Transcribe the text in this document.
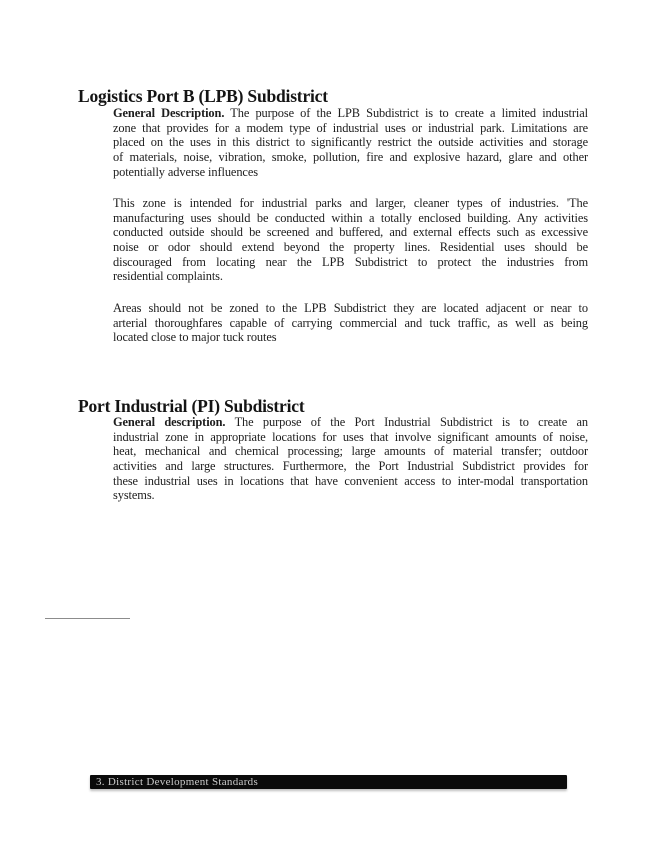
Logistics Port B (LPB) Subdistrict
General Description. The purpose of the LPB Subdistrict is to create a limited industrial
zone that provides for a modem type of industrial uses or industrial park. Limitations are
placed on the uses in this district to significantly restrict the outside activities and storage
of materials, noise, vibration, smoke, pollution, fire and explosive hazard, glare and other
potentially adverse influences
This zone is intended for industrial parks and larger, cleaner types of industries. 'The
manufacturing uses should be conducted within a totally enclosed building. Any activities
conducted outside should be screened and buffered, and external effects such as excessive
noise or odor should extend beyond the property lines. Residential uses should be
discouraged from locating near the LPB Subdistrict to protect the industries from
residential complaints.
Areas should not be zoned to the LPB Subdistrict they are located adjacent or near to
arterial thoroughfares capable of carrying commercial and tuck traffic, as well as being
located close to major tuck routes
Port Industrial (PI) Subdistrict
General description. The purpose of the Port Industrial Subdistrict is to create an
industrial zone in appropriate locations for uses that involve significant amounts of noise,
heat, mechanical and chemical processing; large amounts of material transfer; outdoor
activities and large structures. Furthermore, the Port Industrial Subdistrict provides for
these industrial uses in locations that have convenient access to inter-modal transportation
systems.
3. District Development Standards
